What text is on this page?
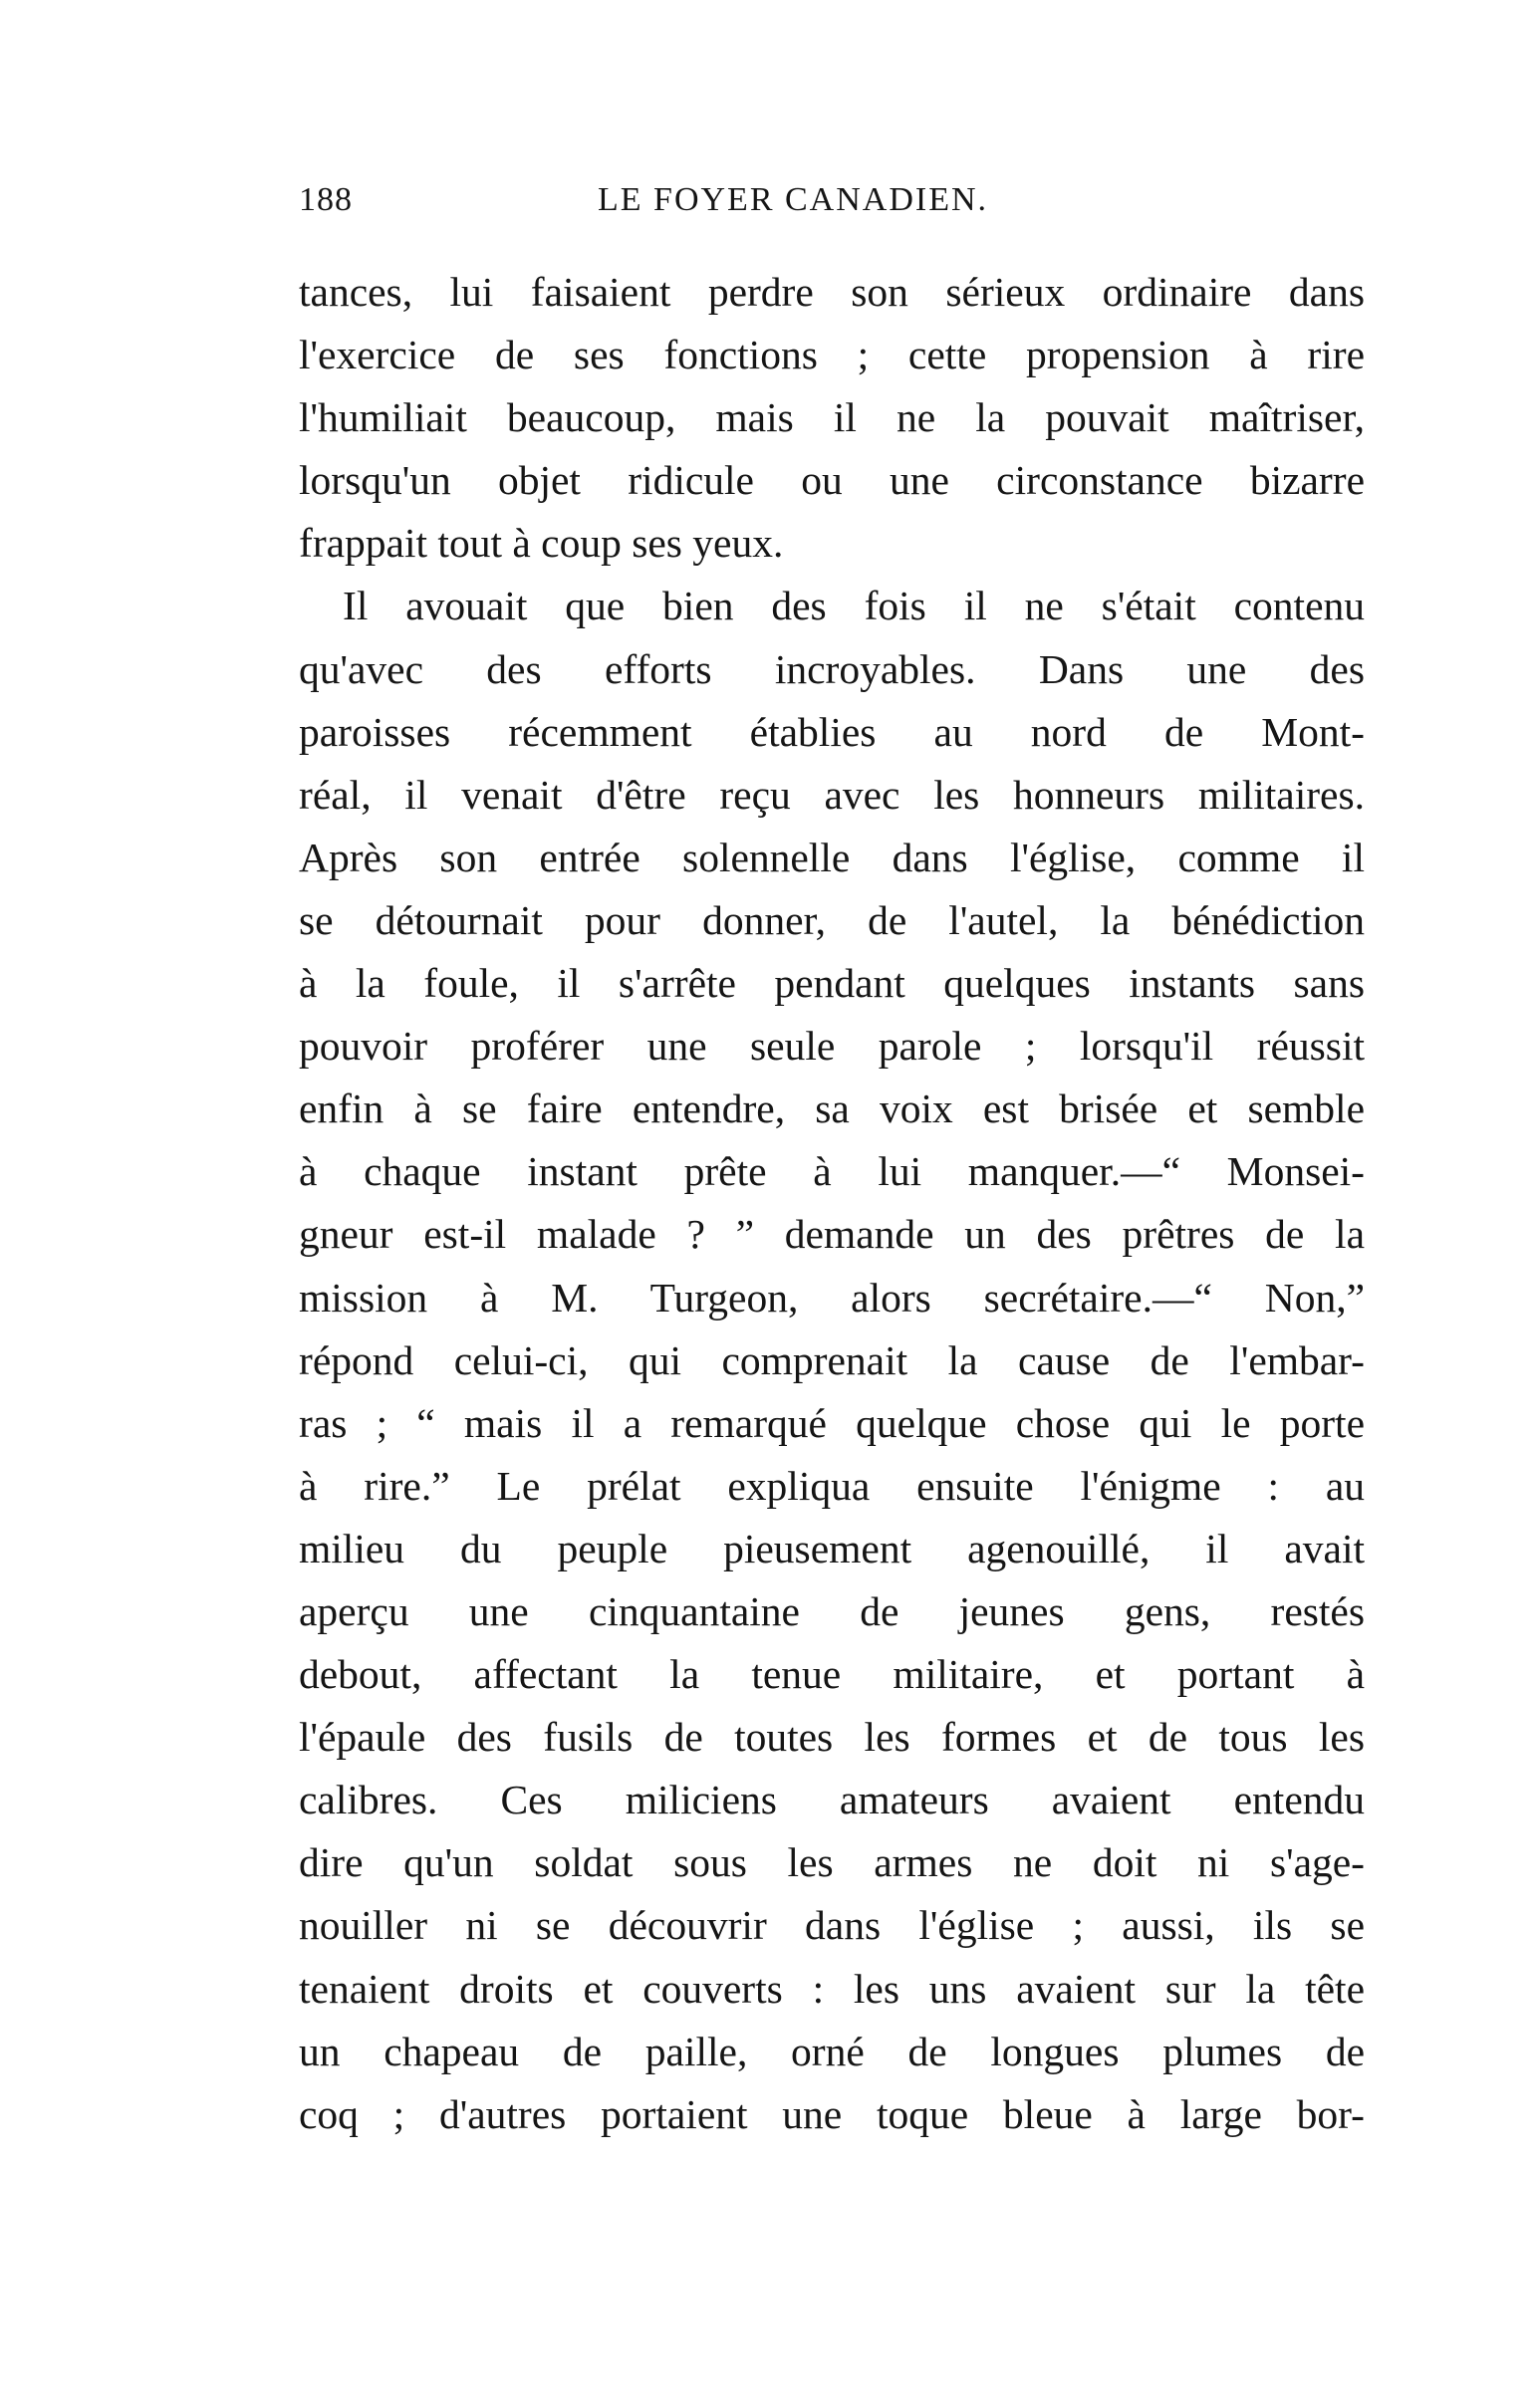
188	LE FOYER CANADIEN.

tances, lui faisaient perdre son sérieux ordinaire dans
l'exercice de ses fonctions ; cette propension à rire
l'humiliait beaucoup, mais il ne la pouvait maîtriser,
lorsqu'un objet ridicule ou une circonstance bizarre
frappait tout à coup ses yeux.

Il avouait que bien des fois il ne s'était contenu
qu'avec des efforts incroyables. Dans une des
paroisses récemment établies au nord de Mont-
réal, il venait d'être reçu avec les honneurs militaires.
Après son entrée solennelle dans l'église, comme il
se détournait pour donner, de l'autel, la bénédiction
à la foule, il s'arrête pendant quelques instants sans
pouvoir proférer une seule parole ; lorsqu'il réussit
enfin à se faire entendre, sa voix est brisée et semble
à chaque instant prête à lui manquer.—“ Monsei-
gneur est-il malade ? ” demande un des prêtres de la
mission à M. Turgeon, alors secrétaire.—“ Non,”
répond celui-ci, qui comprenait la cause de l'embar-
ras ; “ mais il a remarqué quelque chose qui le porte
à rire.” Le prélat expliqua ensuite l'énigme : au
milieu du peuple pieusement agenouillé, il avait
aperçu une cinquantaine de jeunes gens, restés
debout, affectant la tenue militaire, et portant à
l'épaule des fusils de toutes les formes et de tous les
calibres. Ces miliciens amateurs avaient entendu
dire qu'un soldat sous les armes ne doit ni s'age-
nouiller ni se découvrir dans l'église ; aussi, ils se
tenaient droits et couverts : les uns avaient sur la tête
un chapeau de paille, orné de longues plumes de
coq ; d'autres portaient une toque bleue à large bor-
